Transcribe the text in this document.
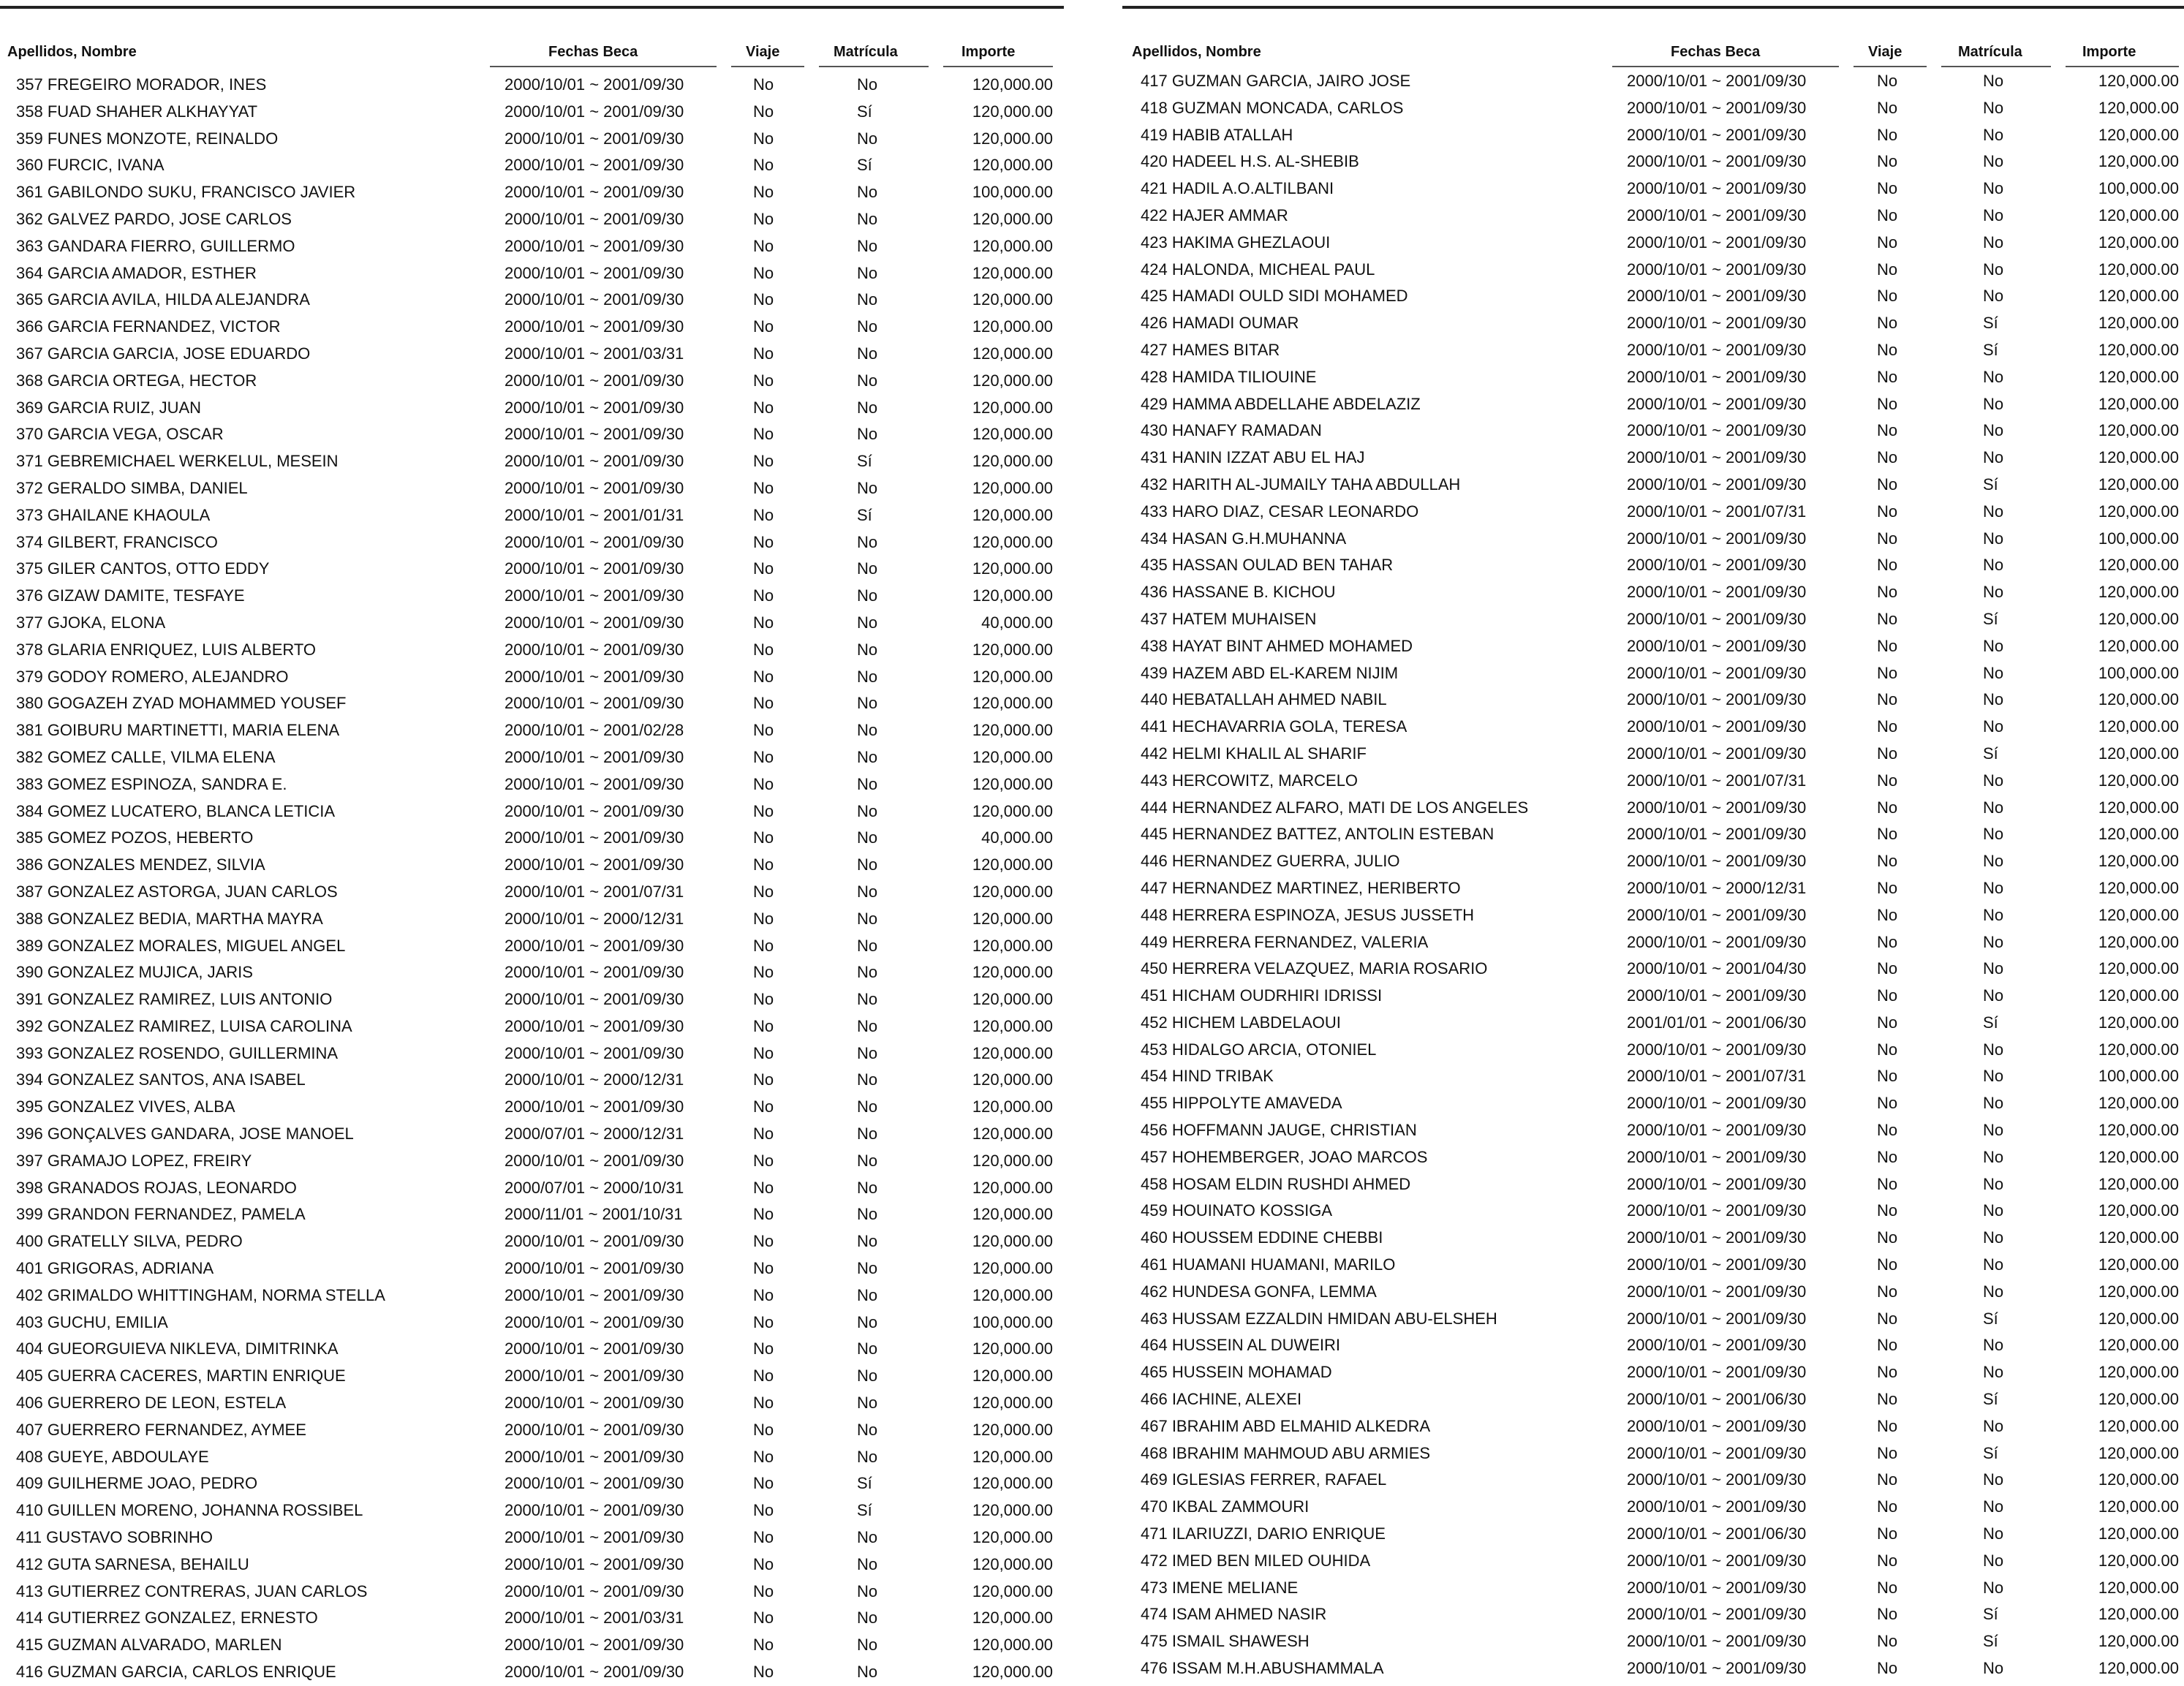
Apellidos, Nombre	Fechas Beca	Viaje	Matrícula	Importe
357 FREGEIRO MORADOR, INES	2000/10/01 ~ 2001/09/30	No	No	120,000.00
358 FUAD SHAHER ALKHAYYAT	2000/10/01 ~ 2001/09/30	No	Sí	120,000.00
359 FUNES MONZOTE, REINALDO	2000/10/01 ~ 2001/09/30	No	No	120,000.00
360 FURCIC, IVANA	2000/10/01 ~ 2001/09/30	No	Sí	120,000.00
361 GABILONDO SUKU, FRANCISCO JAVIER	2000/10/01 ~ 2001/09/30	No	No	100,000.00
362 GALVEZ PARDO, JOSE CARLOS	2000/10/01 ~ 2001/09/30	No	No	120,000.00
363 GANDARA FIERRO, GUILLERMO	2000/10/01 ~ 2001/09/30	No	No	120,000.00
364 GARCIA AMADOR, ESTHER	2000/10/01 ~ 2001/09/30	No	No	120,000.00
365 GARCIA AVILA, HILDA ALEJANDRA	2000/10/01 ~ 2001/09/30	No	No	120,000.00
366 GARCIA FERNANDEZ, VICTOR	2000/10/01 ~ 2001/09/30	No	No	120,000.00
367 GARCIA GARCIA, JOSE EDUARDO	2000/10/01 ~ 2001/03/31	No	No	120,000.00
368 GARCIA ORTEGA, HECTOR	2000/10/01 ~ 2001/09/30	No	No	120,000.00
369 GARCIA RUIZ, JUAN	2000/10/01 ~ 2001/09/30	No	No	120,000.00
370 GARCIA VEGA, OSCAR	2000/10/01 ~ 2001/09/30	No	No	120,000.00
371 GEBREMICHAEL WERKELUL, MESEIN	2000/10/01 ~ 2001/09/30	No	Sí	120,000.00
372 GERALDO SIMBA, DANIEL	2000/10/01 ~ 2001/09/30	No	No	120,000.00
373 GHAILANE KHAOULA	2000/10/01 ~ 2001/01/31	No	Sí	120,000.00
374 GILBERT, FRANCISCO	2000/10/01 ~ 2001/09/30	No	No	120,000.00
375 GILER CANTOS, OTTO EDDY	2000/10/01 ~ 2001/09/30	No	No	120,000.00
376 GIZAW DAMITE, TESFAYE	2000/10/01 ~ 2001/09/30	No	No	120,000.00
377 GJOKA, ELONA	2000/10/01 ~ 2001/09/30	No	No	40,000.00
378 GLARIA ENRIQUEZ, LUIS ALBERTO	2000/10/01 ~ 2001/09/30	No	No	120,000.00
379 GODOY ROMERO, ALEJANDRO	2000/10/01 ~ 2001/09/30	No	No	120,000.00
380 GOGAZEH ZYAD MOHAMMED YOUSEF	2000/10/01 ~ 2001/09/30	No	No	120,000.00
381 GOIBURU MARTINETTI, MARIA ELENA	2000/10/01 ~ 2001/02/28	No	No	120,000.00
382 GOMEZ CALLE, VILMA ELENA	2000/10/01 ~ 2001/09/30	No	No	120,000.00
383 GOMEZ ESPINOZA, SANDRA E.	2000/10/01 ~ 2001/09/30	No	No	120,000.00
384 GOMEZ LUCATERO, BLANCA LETICIA	2000/10/01 ~ 2001/09/30	No	No	120,000.00
385 GOMEZ POZOS, HEBERTO	2000/10/01 ~ 2001/09/30	No	No	40,000.00
386 GONZALES MENDEZ, SILVIA	2000/10/01 ~ 2001/09/30	No	No	120,000.00
387 GONZALEZ ASTORGA, JUAN CARLOS	2000/10/01 ~ 2001/07/31	No	No	120,000.00
388 GONZALEZ BEDIA, MARTHA MAYRA	2000/10/01 ~ 2000/12/31	No	No	120,000.00
389 GONZALEZ MORALES, MIGUEL ANGEL	2000/10/01 ~ 2001/09/30	No	No	120,000.00
390 GONZALEZ MUJICA, JARIS	2000/10/01 ~ 2001/09/30	No	No	120,000.00
391 GONZALEZ RAMIREZ, LUIS ANTONIO	2000/10/01 ~ 2001/09/30	No	No	120,000.00
392 GONZALEZ RAMIREZ, LUISA CAROLINA	2000/10/01 ~ 2001/09/30	No	No	120,000.00
393 GONZALEZ ROSENDO, GUILLERMINA	2000/10/01 ~ 2001/09/30	No	No	120,000.00
394 GONZALEZ SANTOS, ANA ISABEL	2000/10/01 ~ 2000/12/31	No	No	120,000.00
395 GONZALEZ VIVES, ALBA	2000/10/01 ~ 2001/09/30	No	No	120,000.00
396 GONÇALVES GANDARA, JOSE MANOEL	2000/07/01 ~ 2000/12/31	No	No	120,000.00
397 GRAMAJO LOPEZ, FREIRY	2000/10/01 ~ 2001/09/30	No	No	120,000.00
398 GRANADOS ROJAS, LEONARDO	2000/07/01 ~ 2000/10/31	No	No	120,000.00
399 GRANDON FERNANDEZ, PAMELA	2000/11/01 ~ 2001/10/31	No	No	120,000.00
400 GRATELLY SILVA, PEDRO	2000/10/01 ~ 2001/09/30	No	No	120,000.00
401 GRIGORAS, ADRIANA	2000/10/01 ~ 2001/09/30	No	No	120,000.00
402 GRIMALDO WHITTINGHAM, NORMA STELLA	2000/10/01 ~ 2001/09/30	No	No	120,000.00
403 GUCHU, EMILIA	2000/10/01 ~ 2001/09/30	No	No	100,000.00
404 GUEORGUIEVA NIKLEVA, DIMITRINKA	2000/10/01 ~ 2001/09/30	No	No	120,000.00
405 GUERRA CACERES, MARTIN ENRIQUE	2000/10/01 ~ 2001/09/30	No	No	120,000.00
406 GUERRERO DE LEON, ESTELA	2000/10/01 ~ 2001/09/30	No	No	120,000.00
407 GUERRERO FERNANDEZ, AYMEE	2000/10/01 ~ 2001/09/30	No	No	120,000.00
408 GUEYE, ABDOULAYE	2000/10/01 ~ 2001/09/30	No	No	120,000.00
409 GUILHERME JOAO, PEDRO	2000/10/01 ~ 2001/09/30	No	Sí	120,000.00
410 GUILLEN MORENO, JOHANNA ROSSIBEL	2000/10/01 ~ 2001/09/30	No	Sí	120,000.00
411 GUSTAVO SOBRINHO	2000/10/01 ~ 2001/09/30	No	No	120,000.00
412 GUTA SARNESA, BEHAILU	2000/10/01 ~ 2001/09/30	No	No	120,000.00
413 GUTIERREZ CONTRERAS, JUAN CARLOS	2000/10/01 ~ 2001/09/30	No	No	120,000.00
414 GUTIERREZ GONZALEZ, ERNESTO	2000/10/01 ~ 2001/03/31	No	No	120,000.00
415 GUZMAN ALVARADO, MARLEN	2000/10/01 ~ 2001/09/30	No	No	120,000.00
416 GUZMAN GARCIA, CARLOS ENRIQUE	2000/10/01 ~ 2001/09/30	No	No	120,000.00
Apellidos, Nombre	Fechas Beca	Viaje	Matrícula	Importe
417 GUZMAN GARCIA, JAIRO JOSE	2000/10/01 ~ 2001/09/30	No	No	120,000.00
418 GUZMAN MONCADA, CARLOS	2000/10/01 ~ 2001/09/30	No	No	120,000.00
419 HABIB ATALLAH	2000/10/01 ~ 2001/09/30	No	No	120,000.00
420 HADEEL H.S. AL-SHEBIB	2000/10/01 ~ 2001/09/30	No	No	120,000.00
421 HADIL A.O.ALTILBANI	2000/10/01 ~ 2001/09/30	No	No	100,000.00
422 HAJER AMMAR	2000/10/01 ~ 2001/09/30	No	No	120,000.00
423 HAKIMA GHEZLAOUI	2000/10/01 ~ 2001/09/30	No	No	120,000.00
424 HALONDA, MICHEAL PAUL	2000/10/01 ~ 2001/09/30	No	No	120,000.00
425 HAMADI OULD SIDI MOHAMED	2000/10/01 ~ 2001/09/30	No	No	120,000.00
426 HAMADI OUMAR	2000/10/01 ~ 2001/09/30	No	Sí	120,000.00
427 HAMES BITAR	2000/10/01 ~ 2001/09/30	No	Sí	120,000.00
428 HAMIDA TILIOUINE	2000/10/01 ~ 2001/09/30	No	No	120,000.00
429 HAMMA ABDELLAHE ABDELAZIZ	2000/10/01 ~ 2001/09/30	No	No	120,000.00
430 HANAFY RAMADAN	2000/10/01 ~ 2001/09/30	No	No	120,000.00
431 HANIN IZZAT ABU EL HAJ	2000/10/01 ~ 2001/09/30	No	No	120,000.00
432 HARITH AL-JUMAILY TAHA ABDULLAH	2000/10/01 ~ 2001/09/30	No	Sí	120,000.00
433 HARO DIAZ, CESAR LEONARDO	2000/10/01 ~ 2001/07/31	No	No	120,000.00
434 HASAN G.H.MUHANNA	2000/10/01 ~ 2001/09/30	No	No	100,000.00
435 HASSAN OULAD BEN TAHAR	2000/10/01 ~ 2001/09/30	No	No	120,000.00
436 HASSANE B. KICHOU	2000/10/01 ~ 2001/09/30	No	No	120,000.00
437 HATEM MUHAISEN	2000/10/01 ~ 2001/09/30	No	Sí	120,000.00
438 HAYAT BINT AHMED MOHAMED	2000/10/01 ~ 2001/09/30	No	No	120,000.00
439 HAZEM ABD EL-KAREM NIJIM	2000/10/01 ~ 2001/09/30	No	No	100,000.00
440 HEBATALLAH AHMED NABIL	2000/10/01 ~ 2001/09/30	No	No	120,000.00
441 HECHAVARRIA GOLA, TERESA	2000/10/01 ~ 2001/09/30	No	No	120,000.00
442 HELMI KHALIL AL SHARIF	2000/10/01 ~ 2001/09/30	No	Sí	120,000.00
443 HERCOWITZ, MARCELO	2000/10/01 ~ 2001/07/31	No	No	120,000.00
444 HERNANDEZ ALFARO, MATI DE LOS ANGELES	2000/10/01 ~ 2001/09/30	No	No	120,000.00
445 HERNANDEZ BATTEZ, ANTOLIN ESTEBAN	2000/10/01 ~ 2001/09/30	No	No	120,000.00
446 HERNANDEZ GUERRA, JULIO	2000/10/01 ~ 2001/09/30	No	No	120,000.00
447 HERNANDEZ MARTINEZ, HERIBERTO	2000/10/01 ~ 2000/12/31	No	No	120,000.00
448 HERRERA ESPINOZA, JESUS JUSSETH	2000/10/01 ~ 2001/09/30	No	No	120,000.00
449 HERRERA FERNANDEZ, VALERIA	2000/10/01 ~ 2001/09/30	No	No	120,000.00
450 HERRERA VELAZQUEZ, MARIA ROSARIO	2000/10/01 ~ 2001/04/30	No	No	120,000.00
451 HICHAM OUDRHIRI IDRISSI	2000/10/01 ~ 2001/09/30	No	No	120,000.00
452 HICHEM LABDELAOUI	2001/01/01 ~ 2001/06/30	No	Sí	120,000.00
453 HIDALGO ARCIA, OTONIEL	2000/10/01 ~ 2001/09/30	No	No	120,000.00
454 HIND TRIBAK	2000/10/01 ~ 2001/07/31	No	No	100,000.00
455 HIPPOLYTE AMAVEDA	2000/10/01 ~ 2001/09/30	No	No	120,000.00
456 HOFFMANN JAUGE, CHRISTIAN	2000/10/01 ~ 2001/09/30	No	No	120,000.00
457 HOHEMBERGER, JOAO MARCOS	2000/10/01 ~ 2001/09/30	No	No	120,000.00
458 HOSAM ELDIN RUSHDI AHMED	2000/10/01 ~ 2001/09/30	No	No	120,000.00
459 HOUINATO KOSSIGA	2000/10/01 ~ 2001/09/30	No	No	120,000.00
460 HOUSSEM EDDINE CHEBBI	2000/10/01 ~ 2001/09/30	No	No	120,000.00
461 HUAMANI HUAMANI, MARILO	2000/10/01 ~ 2001/09/30	No	No	120,000.00
462 HUNDESA GONFA, LEMMA	2000/10/01 ~ 2001/09/30	No	No	120,000.00
463 HUSSAM EZZALDIN HMIDAN ABU-ELSHEH	2000/10/01 ~ 2001/09/30	No	Sí	120,000.00
464 HUSSEIN AL DUWEIRI	2000/10/01 ~ 2001/09/30	No	No	120,000.00
465 HUSSEIN MOHAMAD	2000/10/01 ~ 2001/09/30	No	No	120,000.00
466 IACHINE, ALEXEI	2000/10/01 ~ 2001/06/30	No	Sí	120,000.00
467 IBRAHIM ABD ELMAHID ALKEDRA	2000/10/01 ~ 2001/09/30	No	No	120,000.00
468 IBRAHIM MAHMOUD ABU ARMIES	2000/10/01 ~ 2001/09/30	No	Sí	120,000.00
469 IGLESIAS FERRER, RAFAEL	2000/10/01 ~ 2001/09/30	No	No	120,000.00
470 IKBAL ZAMMOURI	2000/10/01 ~ 2001/09/30	No	No	120,000.00
471 ILARIUZZI, DARIO ENRIQUE	2000/10/01 ~ 2001/06/30	No	No	120,000.00
472 IMED BEN MILED OUHIDA	2000/10/01 ~ 2001/09/30	No	No	120,000.00
473 IMENE MELIANE	2000/10/01 ~ 2001/09/30	No	No	120,000.00
474 ISAM AHMED NASIR	2000/10/01 ~ 2001/09/30	No	Sí	120,000.00
475 ISMAIL SHAWESH	2000/10/01 ~ 2001/09/30	No	Sí	120,000.00
476 ISSAM M.H.ABUSHAMMALA	2000/10/01 ~ 2001/09/30	No	No	120,000.00
